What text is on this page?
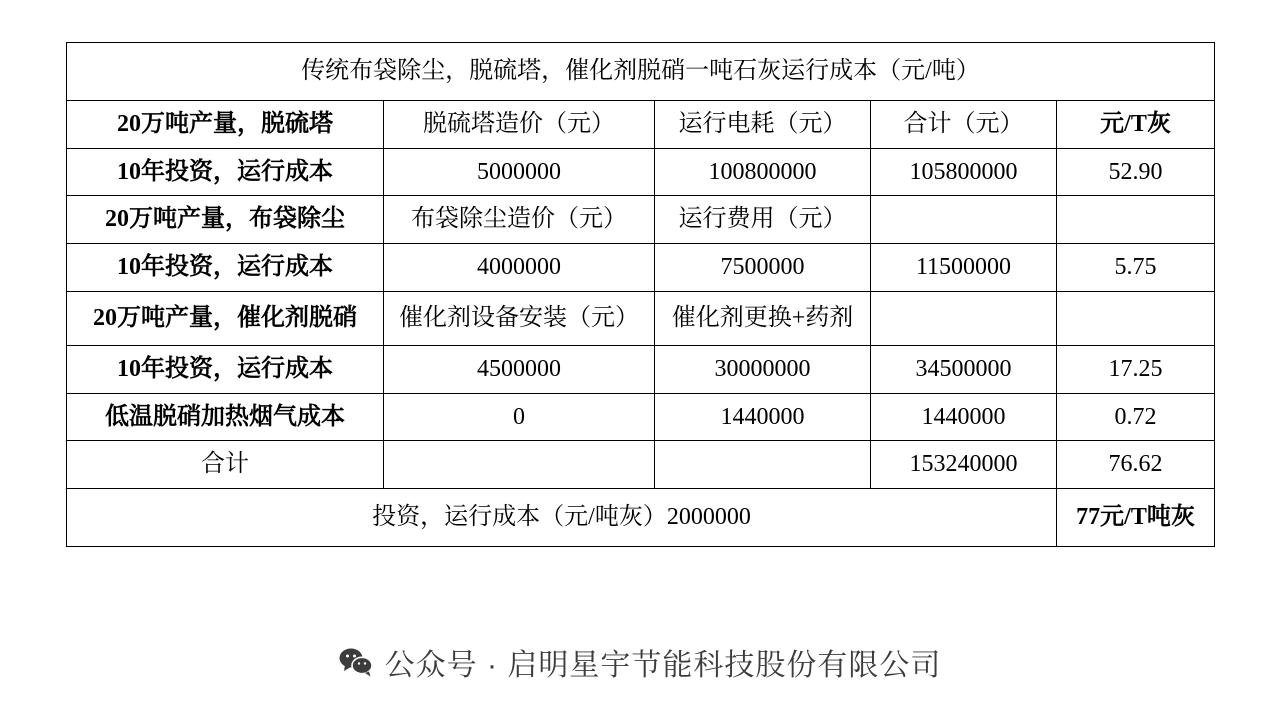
传统布袋除尘，脱硫塔，催化剂脱硝一吨石灰运行成本（元/吨）				
20万吨产量，脱硫塔	脱硫塔造价（元）	运行电耗（元）	合计（元）	元/T灰
10年投资，运行成本	5000000	100800000	105800000	52.90
20万吨产量，布袋除尘	布袋除尘造价（元）	运行费用（元）		
10年投资，运行成本	4000000	7500000	11500000	5.75
20万吨产量，催化剂脱硝	催化剂设备安装（元）	催化剂更换+药剂		
10年投资，运行成本	4500000	30000000	34500000	17.25
低温脱硝加热烟气成本	0	1440000	1440000	0.72
合计			153240000	76.62
投资，运行成本（元/吨灰）2000000				77元/T吨灰
公众号 · 启明星宇节能科技股份有限公司
